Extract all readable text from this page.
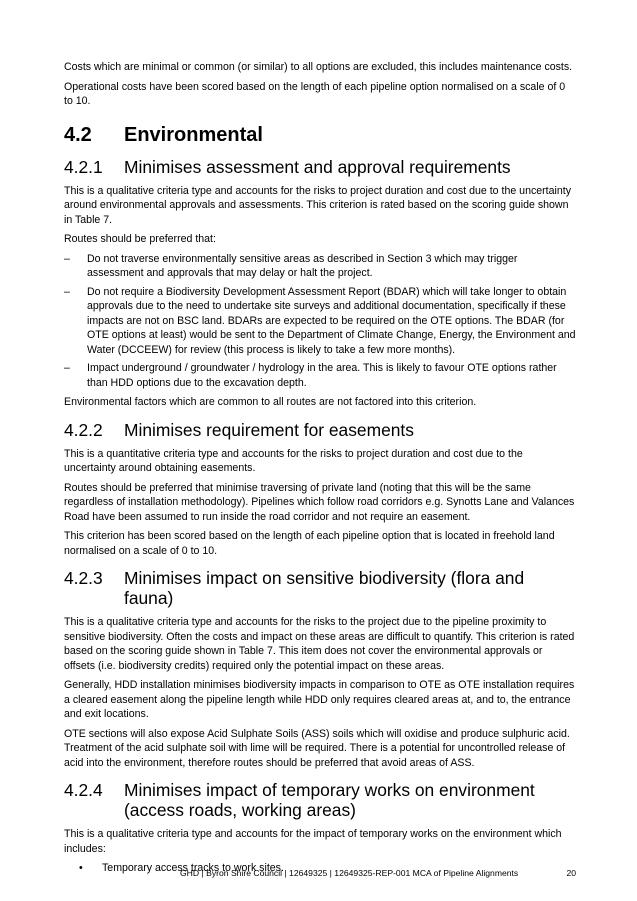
Costs which are minimal or common (or similar) to all options are excluded, this includes maintenance costs.

Operational costs have been scored based on the length of each pipeline option normalised on a scale of 0 to 10.

4.2	Environmental
4.2.1	Minimises assessment and approval requirements

This is a qualitative criteria type and accounts for the risks to project duration and cost due to the uncertainty around environmental approvals and assessments. This criterion is rated based on the scoring guide shown in Table 7.

Routes should be preferred that:

– Do not traverse environmentally sensitive areas as described in Section 3 which may trigger assessment and approvals that may delay or halt the project.
– Do not require a Biodiversity Development Assessment Report (BDAR) which will take longer to obtain approvals due to the need to undertake site surveys and additional documentation, specifically if these impacts are not on BSC land. BDARs are expected to be required on the OTE options. The BDAR (for OTE options at least) would be sent to the Department of Climate Change, Energy, the Environment and Water (DCCEEW) for review (this process is likely to take a few more months).
– Impact underground / groundwater / hydrology in the area. This is likely to favour OTE options rather than HDD options due to the excavation depth.

Environmental factors which are common to all routes are not factored into this criterion.

4.2.2	Minimises requirement for easements

This is a quantitative criteria type and accounts for the risks to project duration and cost due to the uncertainty around obtaining easements.

Routes should be preferred that minimise traversing of private land (noting that this will be the same regardless of installation methodology). Pipelines which follow road corridors e.g. Synotts Lane and Valances Road have been assumed to run inside the road corridor and not require an easement.

This criterion has been scored based on the length of each pipeline option that is located in freehold land normalised on a scale of 0 to 10.

4.2.3	Minimises impact on sensitive biodiversity (flora and fauna)

This is a qualitative criteria type and accounts for the risks to the project due to the pipeline proximity to sensitive biodiversity. Often the costs and impact on these areas are difficult to quantify. This criterion is rated based on the scoring guide shown in Table 7. This item does not cover the environmental approvals or offsets (i.e. biodiversity credits) required only the potential impact on these areas.

Generally, HDD installation minimises biodiversity impacts in comparison to OTE as OTE installation requires a cleared easement along the pipeline length while HDD only requires cleared areas at, and to, the entrance and exit locations.

OTE sections will also expose Acid Sulphate Soils (ASS) soils which will oxidise and produce sulphuric acid. Treatment of the acid sulphate soil with lime will be required. There is a potential for uncontrolled release of acid into the environment, therefore routes should be preferred that avoid areas of ASS.

4.2.4	Minimises impact of temporary works on environment (access roads, working areas)

This is a qualitative criteria type and accounts for the impact of temporary works on the environment which includes:

• Temporary access tracks to work sites.
GHD | Byron Shire Council | 12649325 | 12649325-REP-001 MCA of Pipeline Alignments	20
